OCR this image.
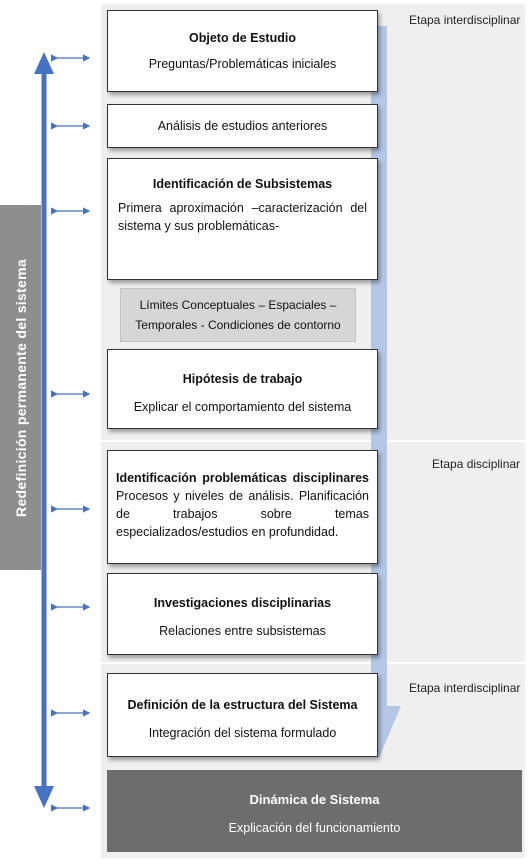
Etapa interdisciplinar
Etapa disciplinar
Etapa interdisciplinar
Redefinición permanente del sistema
Objeto de Estudio
Preguntas/Problemáticas iniciales
Análisis de estudios anteriores
Identificación de Subsistemas
Primera aproximación –caracterización del sistema y sus problemáticas-
Límites Conceptuales – Espaciales – Temporales - Condiciones de contorno
Hipótesis de trabajo
Explicar el comportamiento del sistema
Identificación problemáticas disciplinares
Procesos y niveles de análisis. Planificación de trabajos sobre temas especializados/estudios en profundidad.
Investigaciones disciplinarias
Relaciones entre subsistemas
Definición de la estructura del Sistema
Integración del sistema formulado
Dinámica de Sistema
Explicación del funcionamiento
